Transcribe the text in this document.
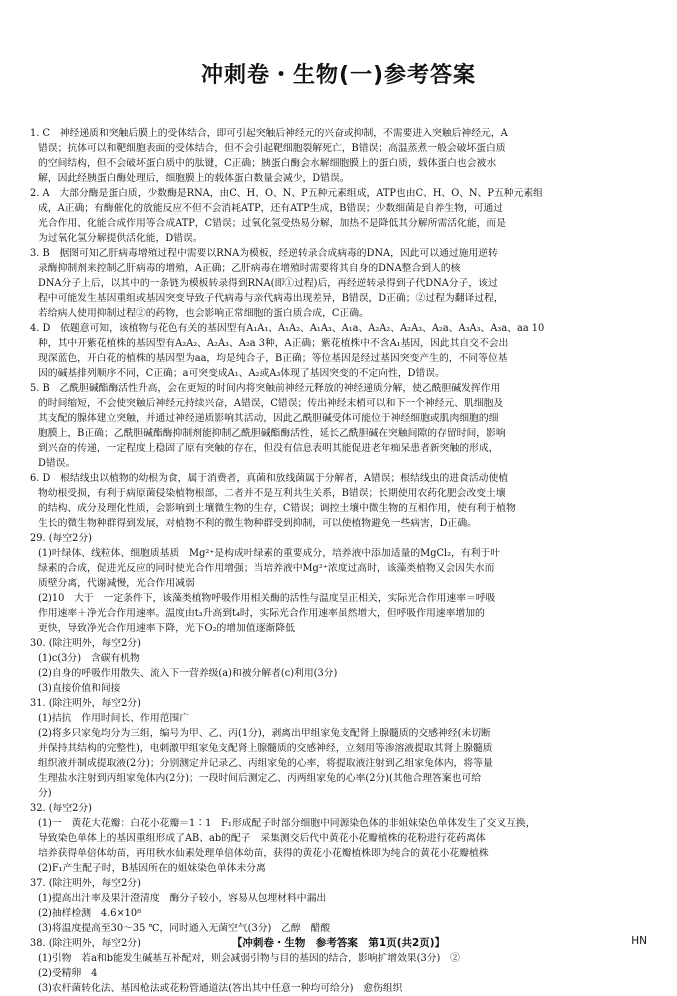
冲刺卷・生物(一)参考答案

1. C　神经递质和突触后膜上的受体结合，即可引起突触后神经元的兴奋或抑制，不需要进入突触后神经元，A

错误；抗体可以和靶细胞表面的受体结合，但不会引起靶细胞裂解死亡，B错误；高温蒸煮一般会破坏蛋白质

的空间结构，但不会破坏蛋白质中的肽键，C正确；胰蛋白酶会水解细胞膜上的蛋白质，载体蛋白也会被水

解，因此经胰蛋白酶处理后，细胞膜上的载体蛋白数量会减少，D错误。

2. A　大部分酶是蛋白质，少数酶是RNA，由C、H、O、N、P五种元素组成，ATP也由C、H、O、N、P五种元素组

成，A正确；有酶催化的放能反应不但不会消耗ATP，还有ATP生成，B错误；少数细菌是自养生物，可通过

光合作用、化能合成作用等合成ATP，C错误；过氧化氢受热易分解，加热不是降低其分解所需活化能，而是

为过氧化氢分解提供活化能，D错误。

3. B　据图可知乙肝病毒增殖过程中需要以RNA为模板，经逆转录合成病毒的DNA，因此可以通过施用逆转

录酶抑制剂来控制乙肝病毒的增殖，A正确；乙肝病毒在增殖时需要将其自身的DNA整合到人的核

DNA分子上后，以其中的一条链为模板转录得到RNA(即①过程)后，再经逆转录得到子代DNA分子，该过

程中可能发生基因重组或基因突变导致子代病毒与亲代病毒出现差异，B错误，D正确；②过程为翻译过程，

若给病人使用抑制过程②的药物，也会影响正常细胞的蛋白质合成，C正确。

4. D　依题意可知，该植物与花色有关的基因型有A₁A₁、A₁A₂、A₁A₃、A₁a、A₂A₂、A₂A₃、A₂a、A₃A₃、A₃a、aa 10

种，其中开紫花植株的基因型有A₂A₂、A₂A₃、A₂a 3种，A正确；紫花植株中不含A₁基因，因此其自交不会出

现深蓝色，开白花的植株的基因型为aa，均是纯合子，B正确；等位基因是经过基因突变产生的，不同等位基

因的碱基排列顺序不同，C正确；a可突变成A₁、A₂或A₃体现了基因突变的不定向性，D错误。

5. B　乙酰胆碱酯酶活性升高，会在更短的时间内将突触前神经元释放的神经递质分解，使乙酰胆碱发挥作用

的时间缩短，不会使突触后神经元持续兴奋，A错误，C错误；传出神经末梢可以和下一个神经元、肌细胞及

其支配的腺体建立突触，并通过神经递质影响其活动，因此乙酰胆碱受体可能位于神经细胞或肌肉细胞的细

胞膜上，B正确；乙酰胆碱酯酶抑制剂能抑制乙酰胆碱酯酶活性，延长乙酰胆碱在突触间隙的存留时间，影响

到兴奋的传递，一定程度上稳固了原有突触的存在，但没有信息表明其能促进老年痴呆患者新突触的形成，

D错误。

6. D　根结线虫以植物的幼根为食，属于消费者，真菌和放线菌属于分解者，A错误；根结线虫的进食活动使植

物幼根受损，有利于病原菌侵染植物根部，二者并不是互利共生关系，B错误；长期使用农药化肥会改变土壤

的结构、成分及理化性质，会影响到土壤微生物的生存，C错误；调控土壤中微生物的互相作用，使有利于植物

生长的微生物种群得到发展，对植物不利的微生物种群受到抑制，可以使植物避免一些病害，D正确。

29. (每空2分)

(1)叶绿体、线粒体、细胞质基质　Mg²⁺是构成叶绿素的重要成分，培养液中添加适量的MgCl₂，有利于叶

绿素的合成，促进光反应的同时使光合作用增强；当培养液中Mg²⁺浓度过高时，该藻类植物又会因失水而

质壁分离，代谢减慢，光合作用减弱

(2)10　大于　一定条件下，该藻类植物呼吸作用相关酶的活性与温度呈正相关，实际光合作用速率＝呼吸

作用速率＋净光合作用速率。温度由t₃升高到t₄时，实际光合作用速率虽然增大，但呼吸作用速率增加的

更快，导致净光合作用速率下降，光下O₂的增加值逐渐降低

30. (除注明外，每空2分)

(1)c(3分)　含碳有机物

(2)自身的呼吸作用散失、流入下一营养级(a)和被分解者(c)利用(3分)

(3)直接价值和间接

31. (除注明外，每空2分)

(1)拮抗　作用时间长、作用范围广

(2)将多只家兔均分为三组，编号为甲、乙、丙(1分)，剥离出甲组家兔支配肾上腺髓质的交感神经(未切断

并保持其结构的完整性)，电刺激甲组家兔支配肾上腺髓质的交感神经，立刻用等渗溶液提取其肾上腺髓质

组织液并制成提取液(2分)；分别测定并记录乙、丙组家兔的心率，将提取液注射到乙组家兔体内，将等量

生理盐水注射到丙组家兔体内(2分)；一段时间后测定乙、丙两组家兔的心率(2分)(其他合理答案也可给

分)

32. (每空2分)

(1)一　黄花大花瓣：白花小花瓣＝1∶1　F₁形成配子时部分细胞中同源染色体的非姐妹染色单体发生了交叉互换，

导致染色单体上的基因重组形成了AB、ab的配子　采集测交后代中黄花小花瓣植株的花粉进行花药离体

培养获得单倍体幼苗，再用秋水仙素处理单倍体幼苗，获得的黄花小花瓣植株即为纯合的黄花小花瓣植株

(2)F₁产生配子时，B基因所在的姐妹染色单体未分离

37. (除注明外，每空2分)

(1)提高出汁率及果汁澄清度　酶分子较小，容易从包埋材料中漏出

(2)抽样检测　4.6×10⁸

(3)将温度提高至30～35 ℃，同时通入无菌空气(3分)　乙醇　醋酸

38. (除注明外，每空2分)

(1)引物　若a和b能发生碱基互补配对，则会减弱引物与目的基因的结合，影响扩增效果(3分)　②

(2)受精卵　4

(3)农杆菌转化法、基因枪法或花粉管通道法(答出其中任意一种均可给分)　愈伤组织

【冲刺卷・生物　参考答案　第1页(共2页)】	HN
